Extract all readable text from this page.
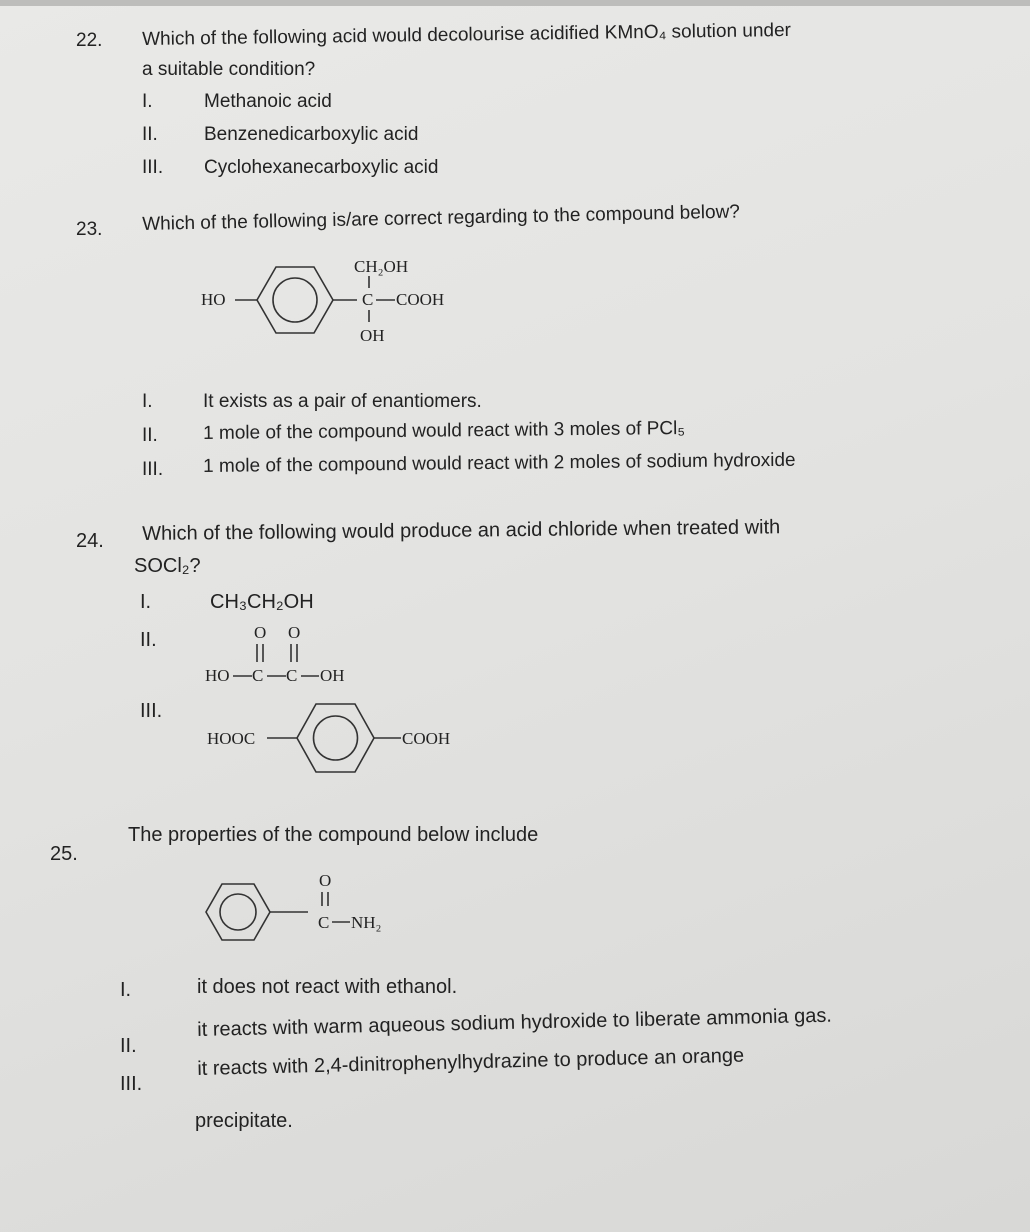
22. Which of the following acid would decolourise acidified KMnO₄ solution under
a suitable condition?
I.	Methanoic acid
II. Benzenedicarboxylic acid
III. Cyclohexanecarboxylic acid
23. Which of the following is/are correct regarding to the compound below?
HO
CH₂OH
C COOH
OH
I.	It exists as a pair of enantiomers.
II. 1 mole of the compound would react with 3 moles of PCl₅
III. 1 mole of the compound would react with 2 moles of sodium hydroxide
24. Which of the following would produce an acid chloride when treated with
SOCl₂?
I.	CH₃CH₂OH
II.
HO C
O
C
O
OH
III.
HOOC	COOH
25.
The properties of the compound below include
O
C NH₂
I.	it does not react with ethanol.
II.
it reacts with warm aqueous sodium hydroxide to liberate ammonia gas.
III.
it reacts with 2,4-dinitrophenylhydrazine to produce an orange
precipitate.
